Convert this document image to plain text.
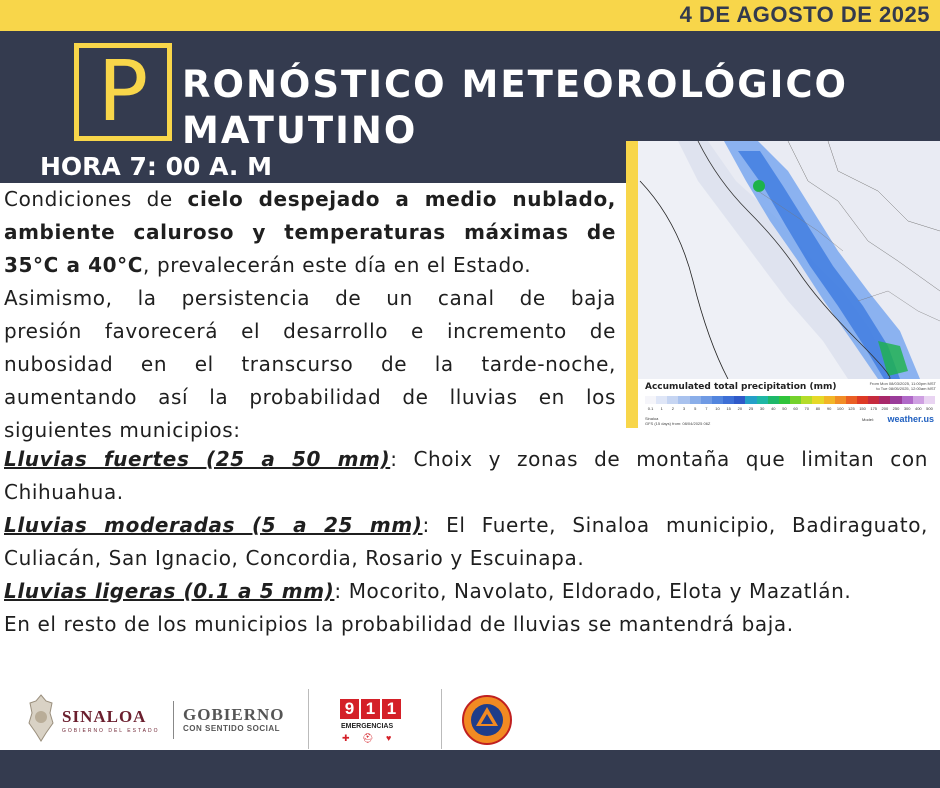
4 DE AGOSTO DE 2025
P RONÓSTICO METEOROLÓGICO
MATUTINO
HORA 7: 00 A. M
Accumulated total precipitation (mm)	From Mon 08/03/2025, 11:00pm MST
to Tue 08/05/2025, 12:00am MST
0.1	1	2	3	5	7	10	15	20	25	30	40	50	60	70	80	90	100	125	150	175	200	250	300	400	500
Sinaloa
GFS (15 days) from: 08/04/2025 06Z
Model: weather.us
Condiciones de cielo despejado a medio nublado,
ambiente caluroso y temperaturas máximas de
35°C a 40°C, prevalecerán este día en el Estado.
Asimismo, la persistencia de un canal de baja
presión favorecerá el desarrollo e incremento de
nubosidad en el transcurso de la tarde-noche,
aumentando así la probabilidad de lluvias en los
siguientes municipios:
Lluvias fuertes (25 a 50 mm): Choix y zonas de montaña que limitan con
Chihuahua.
Lluvias moderadas (5 a 25 mm): El Fuerte, Sinaloa municipio, Badiraguato,
Culiacán, San Ignacio, Concordia, Rosario y Escuinapa.
Lluvias ligeras (0.1 a 5 mm): Mocorito, Navolato, Eldorado, Elota y Mazatlán.
En el resto de los municipios la probabilidad de lluvias se mantendrá baja.
SINALOA
GOBIERNO DEL ESTADO
GOBIERNO
CON SENTIDO SOCIAL
9 1 1
EMERGENCIAS
✚ ⛑ ♥
